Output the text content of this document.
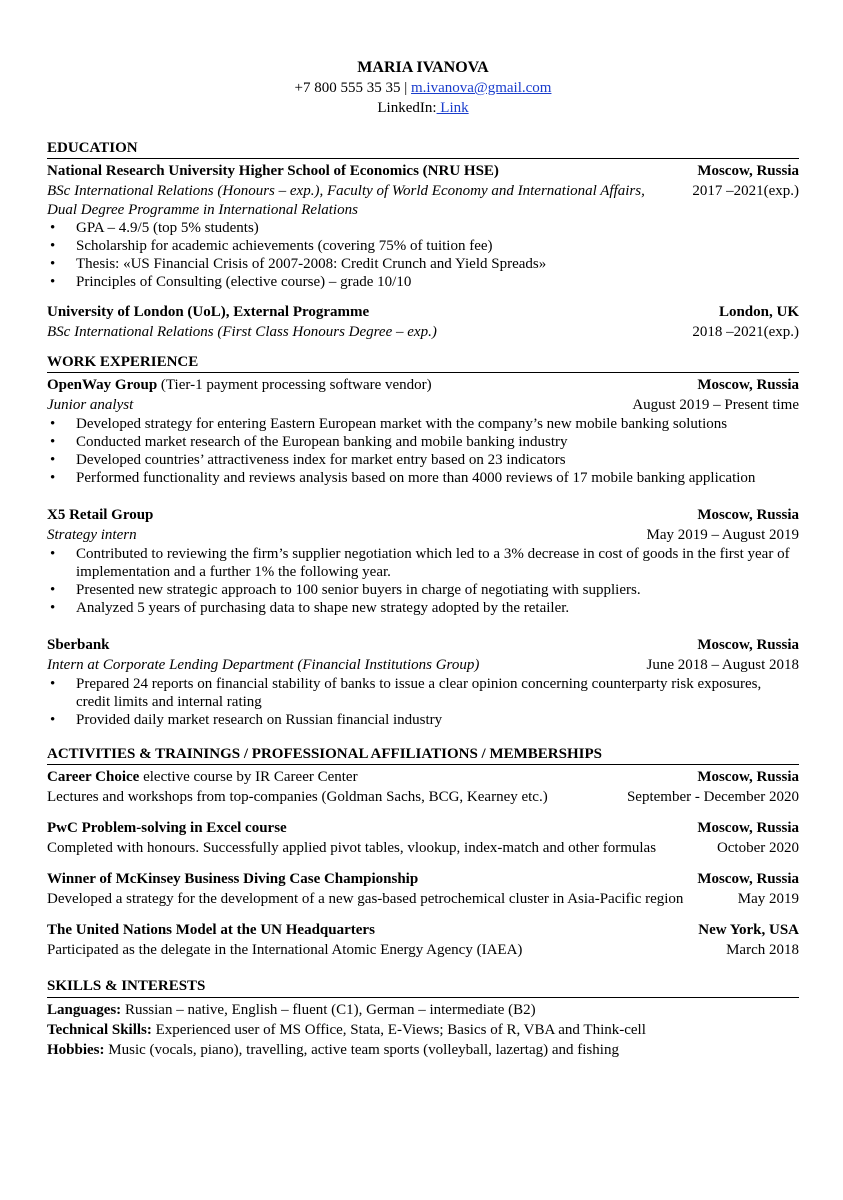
MARIA IVANOVA
+7 800 555 35 35 | m.ivanova@gmail.com
LinkedIn: Link
EDUCATION
National Research University Higher School of Economics (NRU HSE)	Moscow, Russia
BSc International Relations (Honours – exp.), Faculty of World Economy and International Affairs,	2017 –2021(exp.)
Dual Degree Programme in International Relations
• GPA – 4.9/5 (top 5% students)
• Scholarship for academic achievements (covering 75% of tuition fee)
• Thesis: «US Financial Crisis of 2007-2008: Credit Crunch and Yield Spreads»
• Principles of Consulting (elective course) – grade 10/10
University of London (UoL), External Programme	London, UK
BSc International Relations (First Class Honours Degree – exp.)	2018 –2021(exp.)
WORK EXPERIENCE
OpenWay Group (Tier-1 payment processing software vendor)	Moscow, Russia
Junior analyst	August 2019 – Present time
• Developed strategy for entering Eastern European market with the company’s new mobile banking solutions
• Conducted market research of the European banking and mobile banking industry
• Developed countries’ attractiveness index for market entry based on 23 indicators
• Performed functionality and reviews analysis based on more than 4000 reviews of 17 mobile banking application
X5 Retail Group	Moscow, Russia
Strategy intern	May 2019 – August 2019
• Contributed to reviewing the firm’s supplier negotiation which led to a 3% decrease in cost of goods in the first year of implementation and a further 1% the following year.
• Presented new strategic approach to 100 senior buyers in charge of negotiating with suppliers.
• Analyzed 5 years of purchasing data to shape new strategy adopted by the retailer.
Sberbank	Moscow, Russia
Intern at Corporate Lending Department (Financial Institutions Group)	June 2018 – August 2018
• Prepared 24 reports on financial stability of banks to issue a clear opinion concerning counterparty risk exposures, credit limits and internal rating
• Provided daily market research on Russian financial industry
ACTIVITIES & TRAININGS / PROFESSIONAL AFFILIATIONS / MEMBERSHIPS
Career Choice elective course by IR Career Center	Moscow, Russia
Lectures and workshops from top-companies (Goldman Sachs, BCG, Kearney etc.)	September - December 2020
PwC Problem-solving in Excel course	Moscow, Russia
Completed with honours. Successfully applied pivot tables, vlookup, index-match and other formulas	October 2020
Winner of McKinsey Business Diving Case Championship	Moscow, Russia
Developed a strategy for the development of a new gas-based petrochemical cluster in Asia-Pacific region	May 2019
The United Nations Model at the UN Headquarters	New York, USA
Participated as the delegate in the International Atomic Energy Agency (IAEA)	March 2018
SKILLS & INTERESTS
Languages: Russian – native, English – fluent (C1), German – intermediate (B2)
Technical Skills: Experienced user of MS Office, Stata, E-Views; Basics of R, VBA and Think-cell
Hobbies: Music (vocals, piano), travelling, active team sports (volleyball, lazertag) and fishing
